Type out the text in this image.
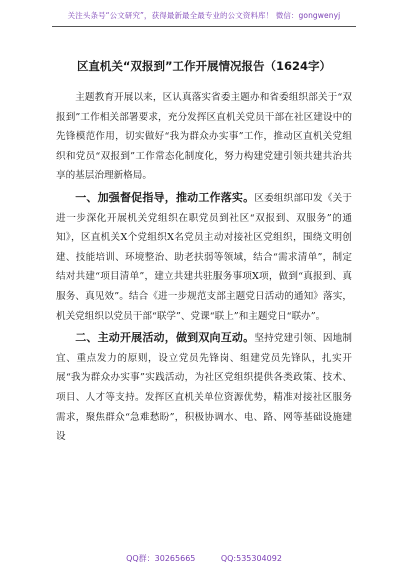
关注头条号“公文研究”，获得最新最全最专业的公文资料库！ 微信：gongwenyj
区直机关“双报到”工作开展情况报告（1624字）

主题教育开展以来，区认真落实省委主题办和省委组织部关于“双报到”工作相关部署要求，充分发挥区直机关党员干部在社区建设中的先锋模范作用，切实做好“我为群众办实事”工作，推动区直机关党组织和党员“双报到”工作常态化制度化，努力构建党建引领共建共治共享的基层治理新格局。

一、加强督促指导，推动工作落实。区委组织部印发《关于进一步深化开展机关党组织在职党员到社区“双报到、双服务”的通知》，区直机关X个党组织X名党员主动对接社区党组织，围绕文明创建、技能培训、环境整治、助老扶弱等领域，结合“需求清单”，制定结对共建“项目清单”，建立共建共驻服务事项X项，做到“真报到、真服务、真见效”。结合《进一步规范支部主题党日活动的通知》落实，机关党组织以党员干部“联学”、党课“联上”和主题党日“联办”。

二、主动开展活动，做到双向互动。坚持党建引领、因地制宜、重点发力的原则，设立党员先锋岗、组建党员先锋队，扎实开展“我为群众办实事”实践活动，为社区党组织提供各类政策、技术、项目、人才等支持。发挥区直机关单位资源优势，精准对接社区服务需求，聚焦群众“急难愁盼”，积极协调水、电、路、网等基础设施建设

QQ群：30265665	QQ:535304092
